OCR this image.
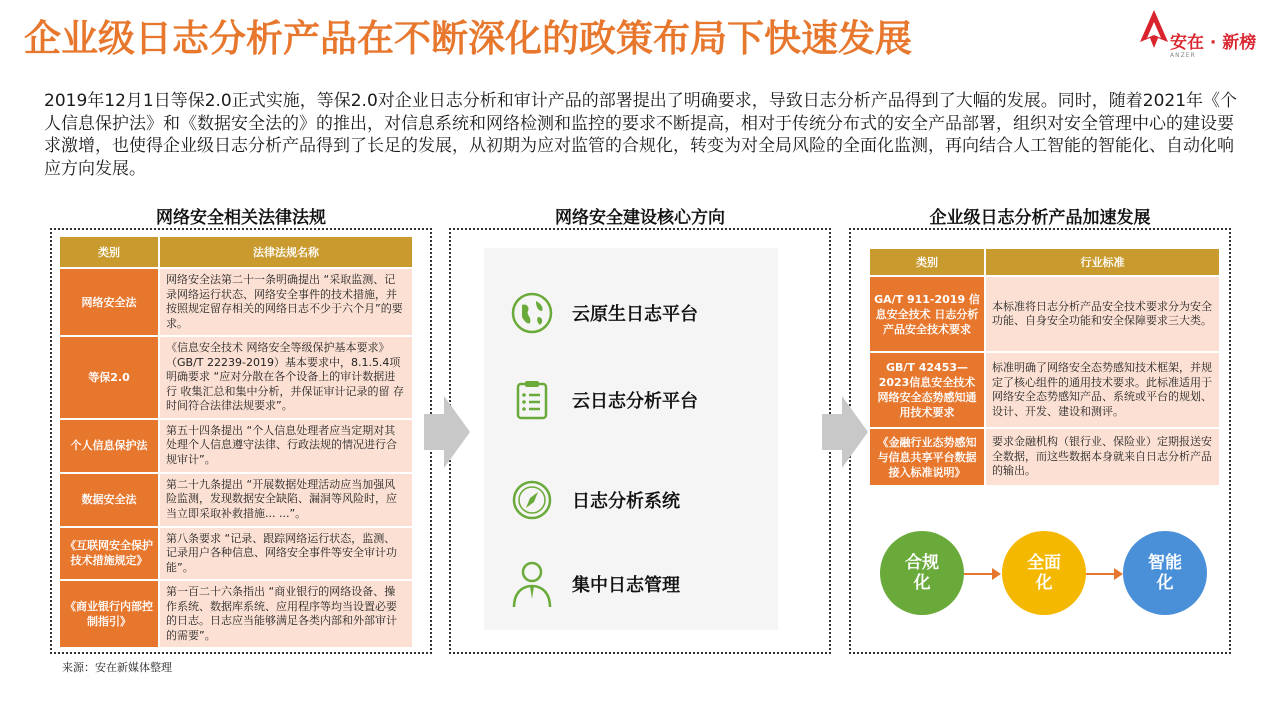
企业级日志分析产品在不断深化的政策布局下快速发展	安在 · 新榜
ANZER
2019年12月1日等保2.0正式实施，等保2.0对企业日志分析和审计产品的部署提出了明确要求，导致日志分析产品得到了大幅的发展。同时，随着2021年《个人信息保护法》和《数据安全法的》的推出，对信息系统和网络检测和监控的要求不断提高，相对于传统分布式的安全产品部署，组织对安全管理中心的建设要求激增，也使得企业级日志分析产品得到了长足的发展，从初期为应对监管的合规化，转变为对全局风险的全面化监测，再向结合人工智能的智能化、自动化响应方向发展。
网络安全相关法律法规	网络安全建设核心方向	企业级日志分析产品加速发展
类别	法律法规名称
网络安全法	网络安全法第二十一条明确提出 “采取监测、记录网络运行状态、网络安全事件的技术措施，并按照规定留存相关的网络日志不少于六个月”的要求。
等保2.0	《信息安全技术 网络安全等级保护基本要求》（GB/T 22239-2019）基本要求中，8.1.5.4项明确要求 “应对分散在各个设备上的审计数据进行 收集汇总和集中分析，并保证审计记录的留 存时间符合法律法规要求”。
个人信息保护法	第五十四条提出 “个人信息处理者应当定期对其处理个人信息遵守法律、行政法规的情况进行合规审计”。
数据安全法	第二十九条提出 “开展数据处理活动应当加强风险监测，发现数据安全缺陷、漏洞等风险时，应当立即采取补救措施... ...”。
《互联网安全保护技术措施规定》	第八条要求 “记录、跟踪网络运行状态，监测、记录用户各种信息、网络安全事件等安全审计功能”。
《商业银行内部控制指引》	第一百二十六条指出 “商业银行的网络设备、操作系统、数据库系统、应用程序等均当设置必要的日志。日志应当能够满足各类内部和外部审计的需要”。
云原生日志平台
云日志分析平台
日志分析系统
集中日志管理
类别	行业标准
GA/T 911-2019 信息安全技术 日志分析产品安全技术要求	本标准将日志分析产品安全技术要求分为安全功能、自身安全功能和安全保障要求三大类。
GB/T 42453—2023信息安全技术 网络安全态势感知通用技术要求	标准明确了网络安全态势感知技术框架，并规定了核心组件的通用技术要求。此标准适用于网络安全态势感知产品、系统或平台的规划、设计、开发、建设和测评。
《金融行业态势感知与信息共享平台数据接入标准说明》	要求金融机构（银行业、保险业）定期报送安全数据，而这些数据本身就来自日志分析产品的输出。
合规化
全面化
智能化
来源：安在新媒体整理
